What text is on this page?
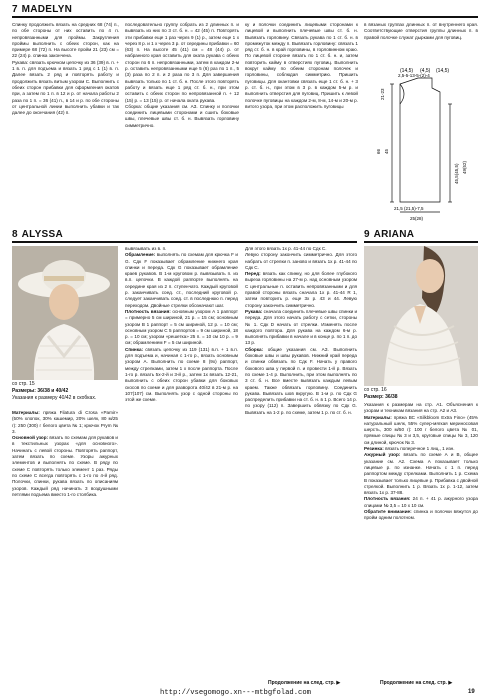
7 MADELYN
Спинку продолжить вязать на средних 68 (74) п., по обе стороны от них оставить по 4 п. непровязанными для проймы. Закругления проймы выполнить с обеих сторон, как на примере 68 (72) п. На высоте пройм 21 (23) см = 22 (24) р. спинка закончена.
Рукава: связать крючком цепочку из 36 (39) в. п. + 1 в. п. для подъема и вязать 1 ряд с 1 (1) в. п. Далее вязать 2 ряд и повторять работу и продолжить вязать витым узором С. Выполнить с обеих сторон прибавки для оформления окатов при, а затем по 1 п. в 12 и р. от начала работы 2 раза по 1 п. = 36 (41) п., в 14 и р. по обе стороны от центральной линии выполнить убавки и так далее до окончания (42) п.
последовательно группу собрать из 2 длинных п. и вывязать из них по 3 ст. б. н. = 42 (45) п. Повторять эти прибавки еще 1 раз через 9 (1) р., затем еще 1 х через 8 р. и 1 х через 3 р. от середины прибавки = 60 (63) п. На высоте 45 (41) см = 48 (44) р. от набранного края оставить для оката рукава с обеих сторон по 6 п. непровязанными, затем в каждом 2-м р. оставить непровязанными еще 5 (6) раз по 1 п., 5 (3) раза по 2 п. и 2 раза по 3 п. Для завершения вывязать только по 1 ст. б. н. После этого повторять работу и вязать еще 1 ряд ст. б. н., при этом оставить с обеих сторон по непровязанной п. + 12 (15) р. = 13 (15) р. от начала оката рукава.
Сборка: общие указания см. АЗ. Спинку и полочки соединить лицевыми сторонами и сшить боковые швы, плечевые швы ст. б. н. Вывязать горловину симметрично.
ку и полочки соединить лицевыми сторонами к лицевой и выполнить плечевые швы ст. б. н. Вывязать горловину. Связать рукава по 1 ст. б. н. в промежуток между п. Вывязать горловину: связать 1 ряд ст. б. н. в край горловины, в горловинном краю. По лицевой стороне вязать по 1 ст. б. н. и, затем повторить кайму в отверстиях пуговиц. Выполнить вокруг кайму по обеим сторонам полочек и горловины, соблюдая симметрию. Пришить пуговицы. Для окантовки связать еще 1 ст. б. н. + 3 р. ст. б. н., при этом в 3 р. в каждом 5-м р. и выполнить отверстия для пуговиц. Пришить к левой полочке пуговицы на каждом 2-м, 8-м, 14-м и 20-м р. витого узора, при этом расположить пуговицы
в вязаных группах длинных п. от внутреннего края. Соответствующие отверстия группы длинных п. в правой полочке служат дырками для пуговиц.
(14,5) (4,5) (14,5)
2,5-5-13-5-(2)-4
21-23
45
66
45,5(45,5) 49(52)
21,5 (21,5)-7,5
25(28)
8 ALYSSA
со стр. 15
Размеры: 36/38 и 40/42
Указания к размеру 40/42 в скобках.
Материалы: пряжа Filatura di Crosa «Pamir» (50% хлопок, 30% кашемир, 20% шелк, 80 м/25 г): 250 (300) г белого цвета № 1; крючок Prym № 3.
Основной узор: вязать по схемам для рукавов и в текстильных узорах «для основного». Начинать с левой стороны. Повторять раппорт, затем вязать по схеме. Узоры ажурных элементов и выполнять по схеме. В ряду по схеме C повторять только элемент 1 раз. Ряды по схеме C всегда повторять с 1-го по 4-й ряд. Полочки, спинки, рукава вязать по описаниям узоров. Каждый ряд начинать 3 воздушными петлями подъема вместо 1-го столбика.
вывязывать из в. п.
Обрамление: выполнять по схемам для крючка F и G. Сдк F показывает обрамление нижнего края спинки и переда. Сдк G показывает обрамление краев рукавов. В 1-м круговом р. вывязывать п. из в.п. цепочки. В каждой раппорте выполнять на середине края из 2 п. ступенчато. Каждый круговой р. заканчивать соед. ст., последний круговой р. следует заканчивать соед. ст. в последнюю п. перед переходом. Двойные стрелки обозначают шаг.
Плотность вязания: основным узором А 1 раппорт = примерно 5 см шириной, 21 р. = 15 см; основным узором В 1 раппорт = 5 см шириной, 12 р. = 10 см; основным узором С 5 раппортов = 9 см шириной, 18 р. = 10 см; узором «решетка» 25 п. = 10 см 10 р. = 9 см; обрамлением F = 5 см шириной.
Спинка: связать цепочку из 119 (131) в.п. + 1 в.п. для подъема и, начиная с 1-го р., вязать основным узором А. Выполнить по схеме 8 (9х) раппорт, между стрелками, затем 1 х после раппорта. После 1-го р. вязать 5х-2-й и 3-й р., затем 1х вязать 12-21, выполнить с обеих сторон убавки для боковых скосов по схеме и для разворота 40/42 в 21-м р. на 107(107) см. Выполнять узор с одной стороны по этой же схеме.
Для этого вязать 1х р. 41-44 по Сдк С.
Левую сторону закончить симметрично. Для этого набрать от стрелки п. заново и вязать 1х р. 41-44 по Сдк С.
Перед: вязать как спинку, но для более глубокого выреза горловины на 27-м р. над основным узором С центральные п. оставить непровязанными и для правой стороны вязать сначала 1х р. 41-44 R 1, затем повторить р. еще 3х р. 43 и 44. Левую сторону закончить симметрично.
Рукава: сначала соединить плечевые швы спинки и переда. Для этого начать работу с сетки, стороны № 1. Сдк D начать от стрелки. Изменять после каждого повтора. Для рукава на каждом 6-м р. выполнять прибавки в начале и в конце р. по 1 п. до 13 р.
Сборка: общие указания см. АЗ. Выполнить боковые швы и швы рукавов. Нижний край переда и спинки обвязать по Сдк F. Начать у правого бокового шва у первой п. и провести 1-й р. Вязать по схеме 1-4 р. Выполнить, при этом выполнять по 3 ст. б. н. Все вместе вывязать каждым левым краем. Также обвязать горловину. Соединить рукава. Вывязать шов вкругую. В 1-м р. по Сдк G распределить прибавки на ст. б. н. в 1 р. Всего 14 р. по узору (112) п. Завершить обвязку по Сдк G. Вывязать на 1-2 р. по схеме, затем 1 р. по ст. б. н.
Продолжение на след. стр. ▶
9 ARIANA
со стр. 16
Размер: 36/38
Указания к размерам на стр. А1. Объяснения к узорам и техникам вязания на стр. А2 и А3.
Материалы: пряжа ВС «Silkbloom Extra Fino» (45% натуральный шелк, 55% супер-мягкая мериносовая шерсть, 300 м/50 г): 100 г белого цвета № 01, прямые спицы № 3 и 3,5, круговые спицы № 3, 120 см длиной, крючок № 3.
Резинка: вязать поперечное 1 лиц., 1 изн.
Ажурный узор: вязать по схеме А и В, общее указание см. А2. Схема А показывает только лицевые р. по изнанке. Начать с 1 п. перед раппортом между стрелками. Выполнить 1 р. Схема В показывает только лицевые р. Прибавка с двойной стрелкой. Выполнить 1 р. Вязать 1х р. 1-12, затем вязать 1х р. 37-88.
Плотность вязания: 24 п. + 41 р. ажурного узора спицами № 3,5 = 10 х 10 см.
Обратите внимание: спинка и полочки вяжутся до пройм одним полотном.
Продолжение на след. стр. ▶
http://vsegomogo.xn---mtbgfolad.com	19
